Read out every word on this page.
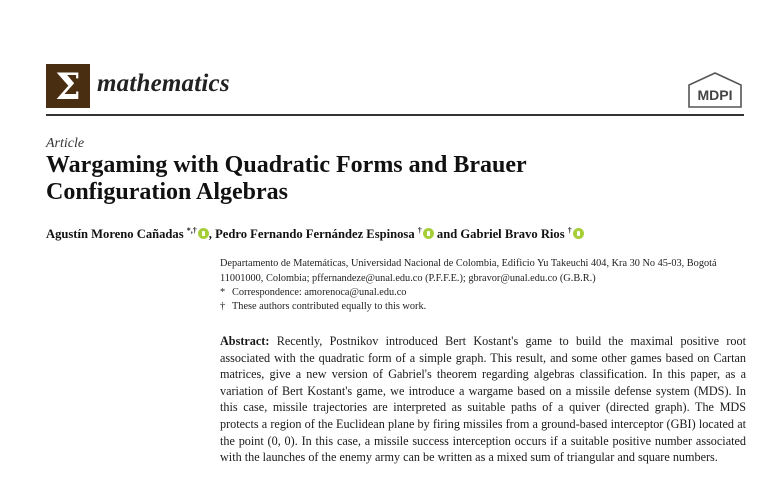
Σ mathematics	MDPI
Article
Wargaming with Quadratic Forms and Brauer Configuration Algebras
Agustín Moreno Cañadas *,† , Pedro Fernando Fernández Espinosa † and Gabriel Bravo Rios †
Departamento de Matemáticas, Universidad Nacional de Colombia, Edificio Yu Takeuchi 404, Kra 30 No 45-03, Bogotá 11001000, Colombia; pffernandeze@unal.edu.co (P.F.F.E.); gbravor@unal.edu.co (G.B.R.)
* Correspondence: amorenoca@unal.edu.co
† These authors contributed equally to this work.
Abstract: Recently, Postnikov introduced Bert Kostant's game to build the maximal positive root associated with the quadratic form of a simple graph. This result, and some other games based on Cartan matrices, give a new version of Gabriel's theorem regarding algebras classification. In this paper, as a variation of Bert Kostant's game, we introduce a wargame based on a missile defense system (MDS). In this case, missile trajectories are interpreted as suitable paths of a quiver (directed graph). The MDS protects a region of the Euclidean plane by firing missiles from a ground-based interceptor (GBI) located at the point (0, 0). In this case, a missile success interception occurs if a suitable positive number associated with the launches of the enemy army can be written as a mixed sum of triangular and square numbers.
